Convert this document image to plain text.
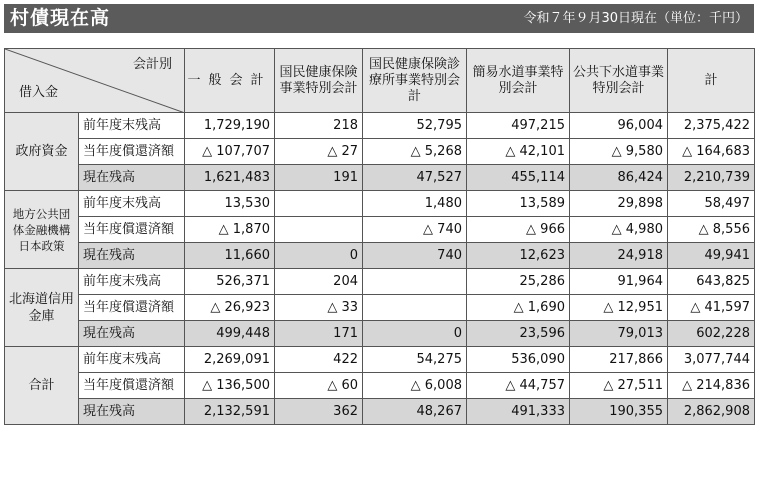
村債現在高	令和７年９月30日現在（単位：千円）
会計別
借入金		一般会計	国民健康保険事業特別会計	国民健康保険診療所事業特別会計	簡易水道事業特別会計	公共下水道事業特別会計	計
政府資金	前年度末残高	1,729,190	218	52,795	497,215	96,004	2,375,422
	当年度償還済額	△ 107,707	△ 27	△ 5,268	△ 42,101	△ 9,580	△ 164,683
	現在残高	1,621,483	191	47,527	455,114	86,424	2,210,739
地方公共団体金融機構日本政策	前年度末残高	13,530		1,480	13,589	29,898	58,497
	当年度償還済額	△ 1,870		△ 740	△ 966	△ 4,980	△ 8,556
	現在残高	11,660	0	740	12,623	24,918	49,941
北海道信用金庫	前年度末残高	526,371	204		25,286	91,964	643,825
	当年度償還済額	△ 26,923	△ 33		△ 1,690	△ 12,951	△ 41,597
	現在残高	499,448	171	0	23,596	79,013	602,228
合計	前年度末残高	2,269,091	422	54,275	536,090	217,866	3,077,744
	当年度償還済額	△ 136,500	△ 60	△ 6,008	△ 44,757	△ 27,511	△ 214,836
	現在残高	2,132,591	362	48,267	491,333	190,355	2,862,908
